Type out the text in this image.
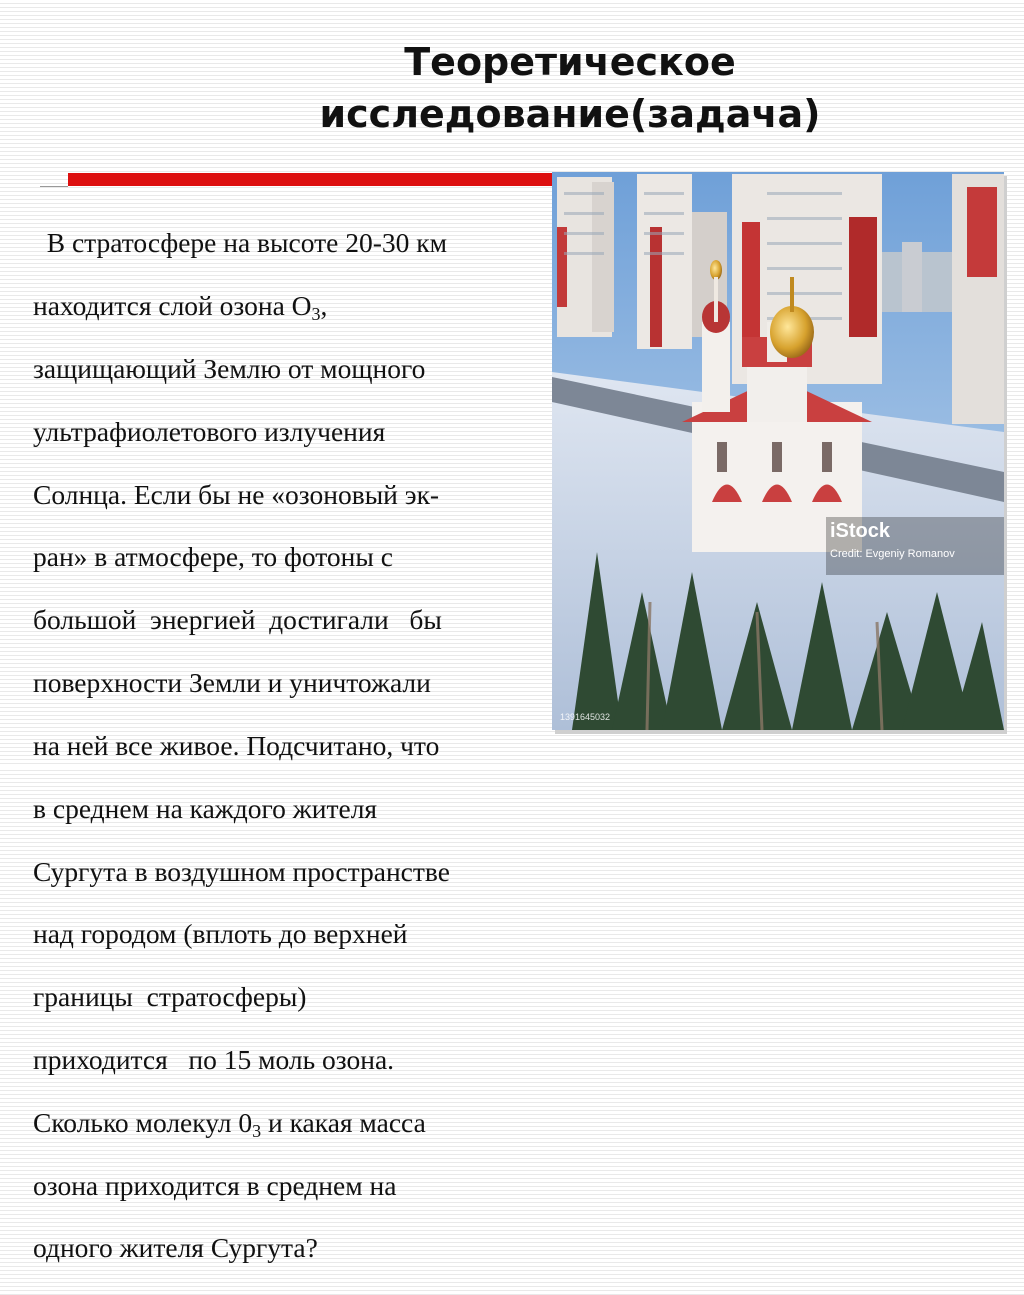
Теоретическое
исследование(задача)
iStock
Credit: Evgeniy Romanov
1391645032

В стратосфере на высоте 20-30 км

находится слой озона $О_3$,

защищающий Землю от мощного

ультрафиолетового излучения

Солнца. Если бы не «озоновый эк-

ран» в атмосфере, то фотоны с

большой  энергией  достигали   бы

поверхности Земли и уничтожали

на ней все живое. Подсчитано, что

в среднем на каждого жителя

Сургута в воздушном пространстве

над городом (вплоть до верхней

границы  стратосферы)

приходится   по 15 моль озона.

Сколько молекул $0_3$ и какая масса

озона приходится в среднем на

одного жителя Сургута?
